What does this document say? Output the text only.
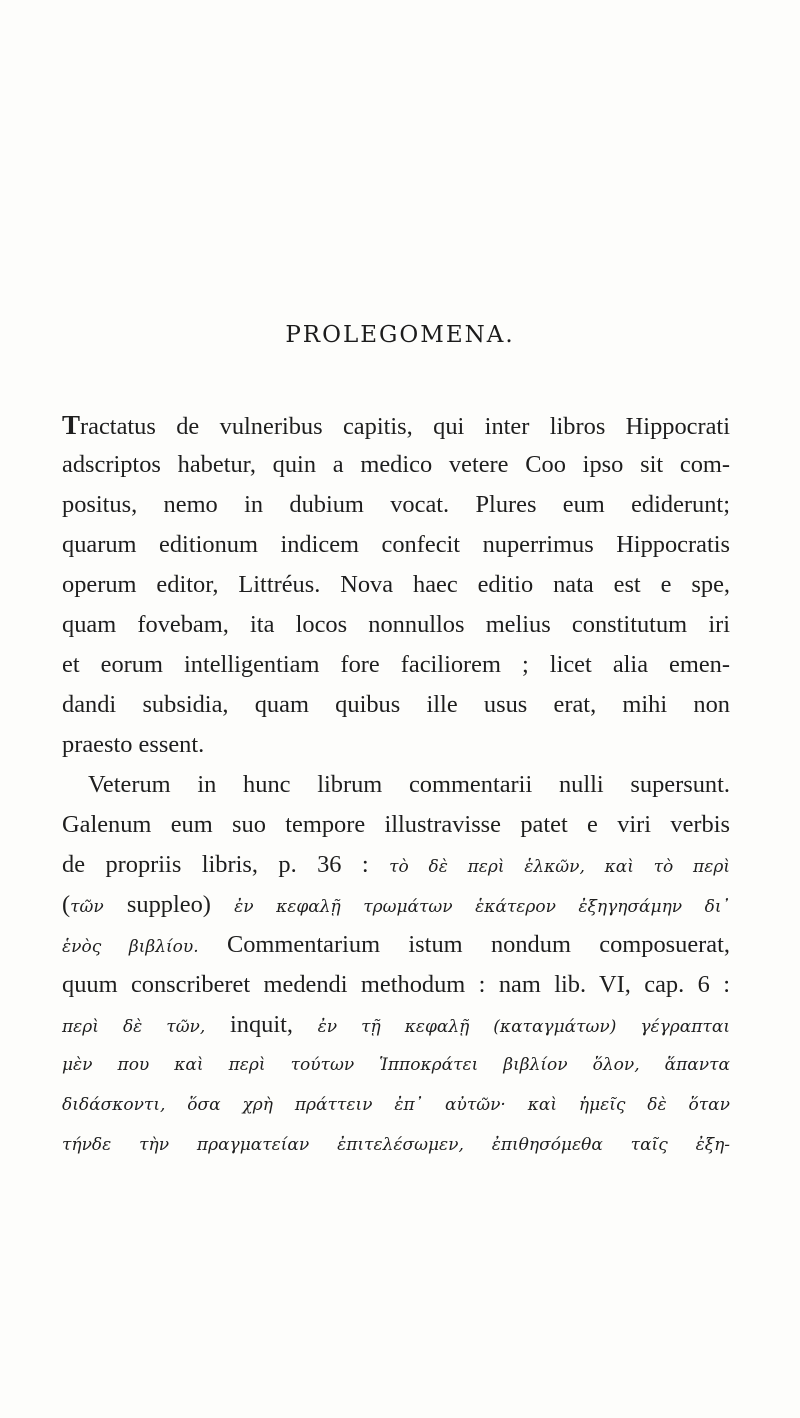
PROLEGOMENA.
Tractatus de vulneribus capitis, qui inter libros Hippocrati
adscriptos habetur, quin a medico vetere Coo ipso sit com-
positus, nemo in dubium vocat. Plures eum ediderunt;
quarum editionum indicem confecit nuperrimus Hippocratis
operum editor, Littréus. Nova haec editio nata est e spe,
quam fovebam, ita locos nonnullos melius constitutum iri
et eorum intelligentiam fore faciliorem ; licet alia emen-
dandi subsidia, quam quibus ille usus erat, mihi non
praesto essent.
Veterum in hunc librum commentarii nulli supersunt.
Galenum eum suo tempore illustravisse patet e viri verbis
de propriis libris, p. 36 : τὸ δὲ περὶ ἑλκῶν, καὶ τὸ περὶ
(τῶν suppleo) ἐν κεφαλῇ τρωμάτων ἑκάτερον ἐξηγησάμην δι᾽
ἑνὸς βιβλίου. Commentarium istum nondum composuerat,
quum conscriberet medendi methodum : nam lib. VI, cap. 6 :
περὶ δὲ τῶν, inquit, ἐν τῇ κεφαλῇ (καταγμάτων) γέγραπται
μὲν που καὶ περὶ τούτων Ἱπποκράτει βιβλίον ὅλον, ἅπαντα
διδάσκοντι, ὅσα χρὴ πράττειν ἐπ᾽ αὐτῶν· καὶ ἡμεῖς δὲ ὅταν
τήνδε τὴν πραγματείαν ἐπιτελέσωμεν, ἐπιθησόμεθα ταῖς ἐξη-
